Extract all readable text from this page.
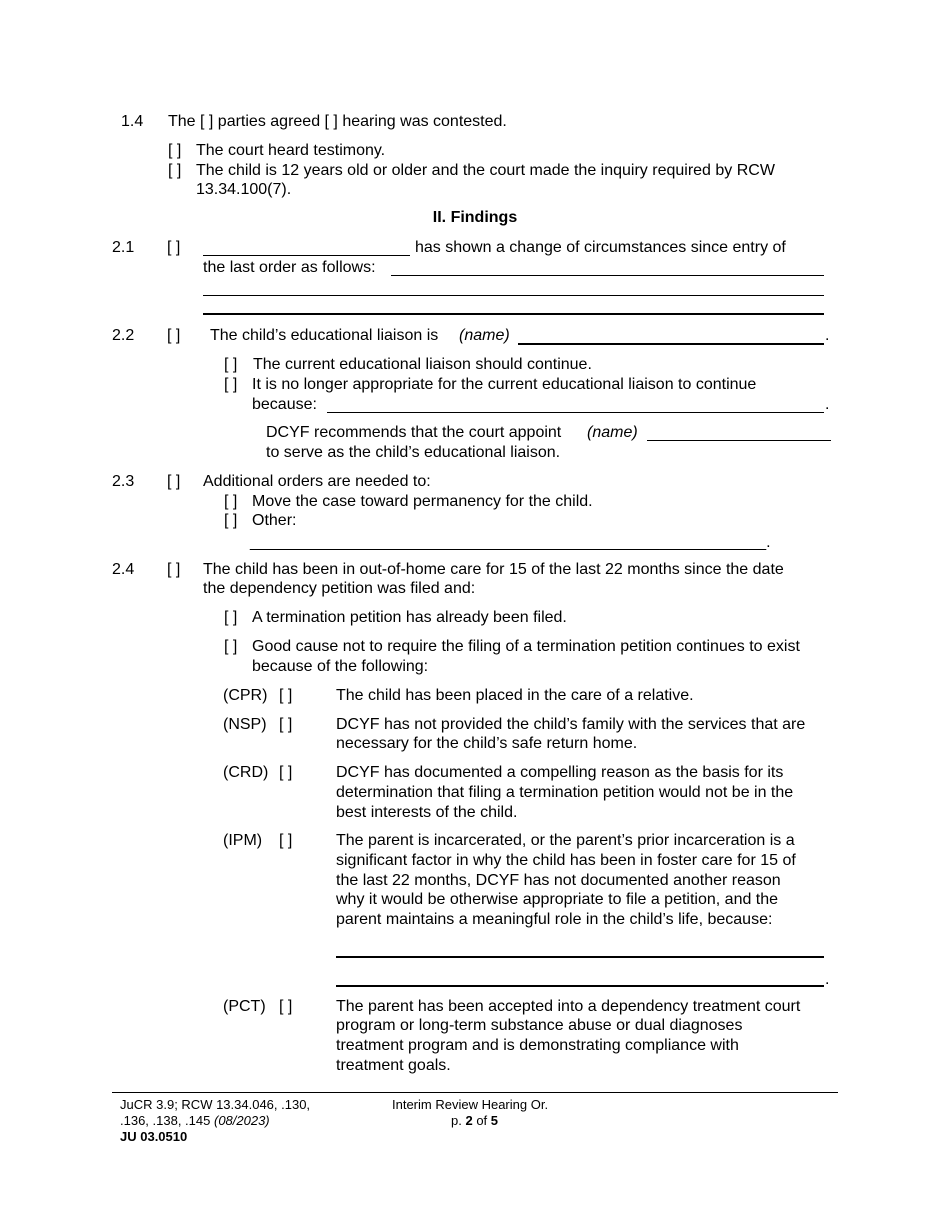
1.4 The [ ] parties agreed [ ] hearing was contested.
[ ] The court heard testimony.
[ ] The child is 12 years old or older and the court made the inquiry required by RCW
13.34.100(7).
II. Findings
2.1 [ ]	has shown a change of circumstances since entry of
the last order as follows:
2.2 [ ] The child’s educational liaison is (name)	.
[ ] The current educational liaison should continue.
[ ] It is no longer appropriate for the current educational liaison to continue
because:	.
DCYF recommends that the court appoint (name)
to serve as the child’s educational liaison.
2.3 [ ] Additional orders are needed to:
[ ] Move the case toward permanency for the child.
[ ] Other:
__________________________________________________________.
2.4 [ ] The child has been in out-of-home care for 15 of the last 22 months since the date
the dependency petition was filed and:
[ ] A termination petition has already been filed.
[ ] Good cause not to require the filing of a termination petition continues to exist
because of the following:
(CPR) [ ]	The child has been placed in the care of a relative.
(NSP) [ ]	DCYF has not provided the child’s family with the services that are
necessary for the child’s safe return home.
(CRD) [ ]	DCYF has documented a compelling reason as the basis for its
determination that filing a termination petition would not be in the
best interests of the child.
(IPM) [ ]	The parent is incarcerated, or the parent’s prior incarceration is a
significant factor in why the child has been in foster care for 15 of
the last 22 months, DCYF has not documented another reason
why it would be otherwise appropriate to file a petition, and the
parent maintains a meaningful role in the child’s life, because:
.
(PCT) [ ]	The parent has been accepted into a dependency treatment court
program or long-term substance abuse or dual diagnoses
treatment program and is demonstrating compliance with
treatment goals.
JuCR 3.9; RCW 13.34.046, .130,
.136, .138, .145 (08/2023)
JU 03.0510
Interim Review Hearing Or.
p. 2 of 5
